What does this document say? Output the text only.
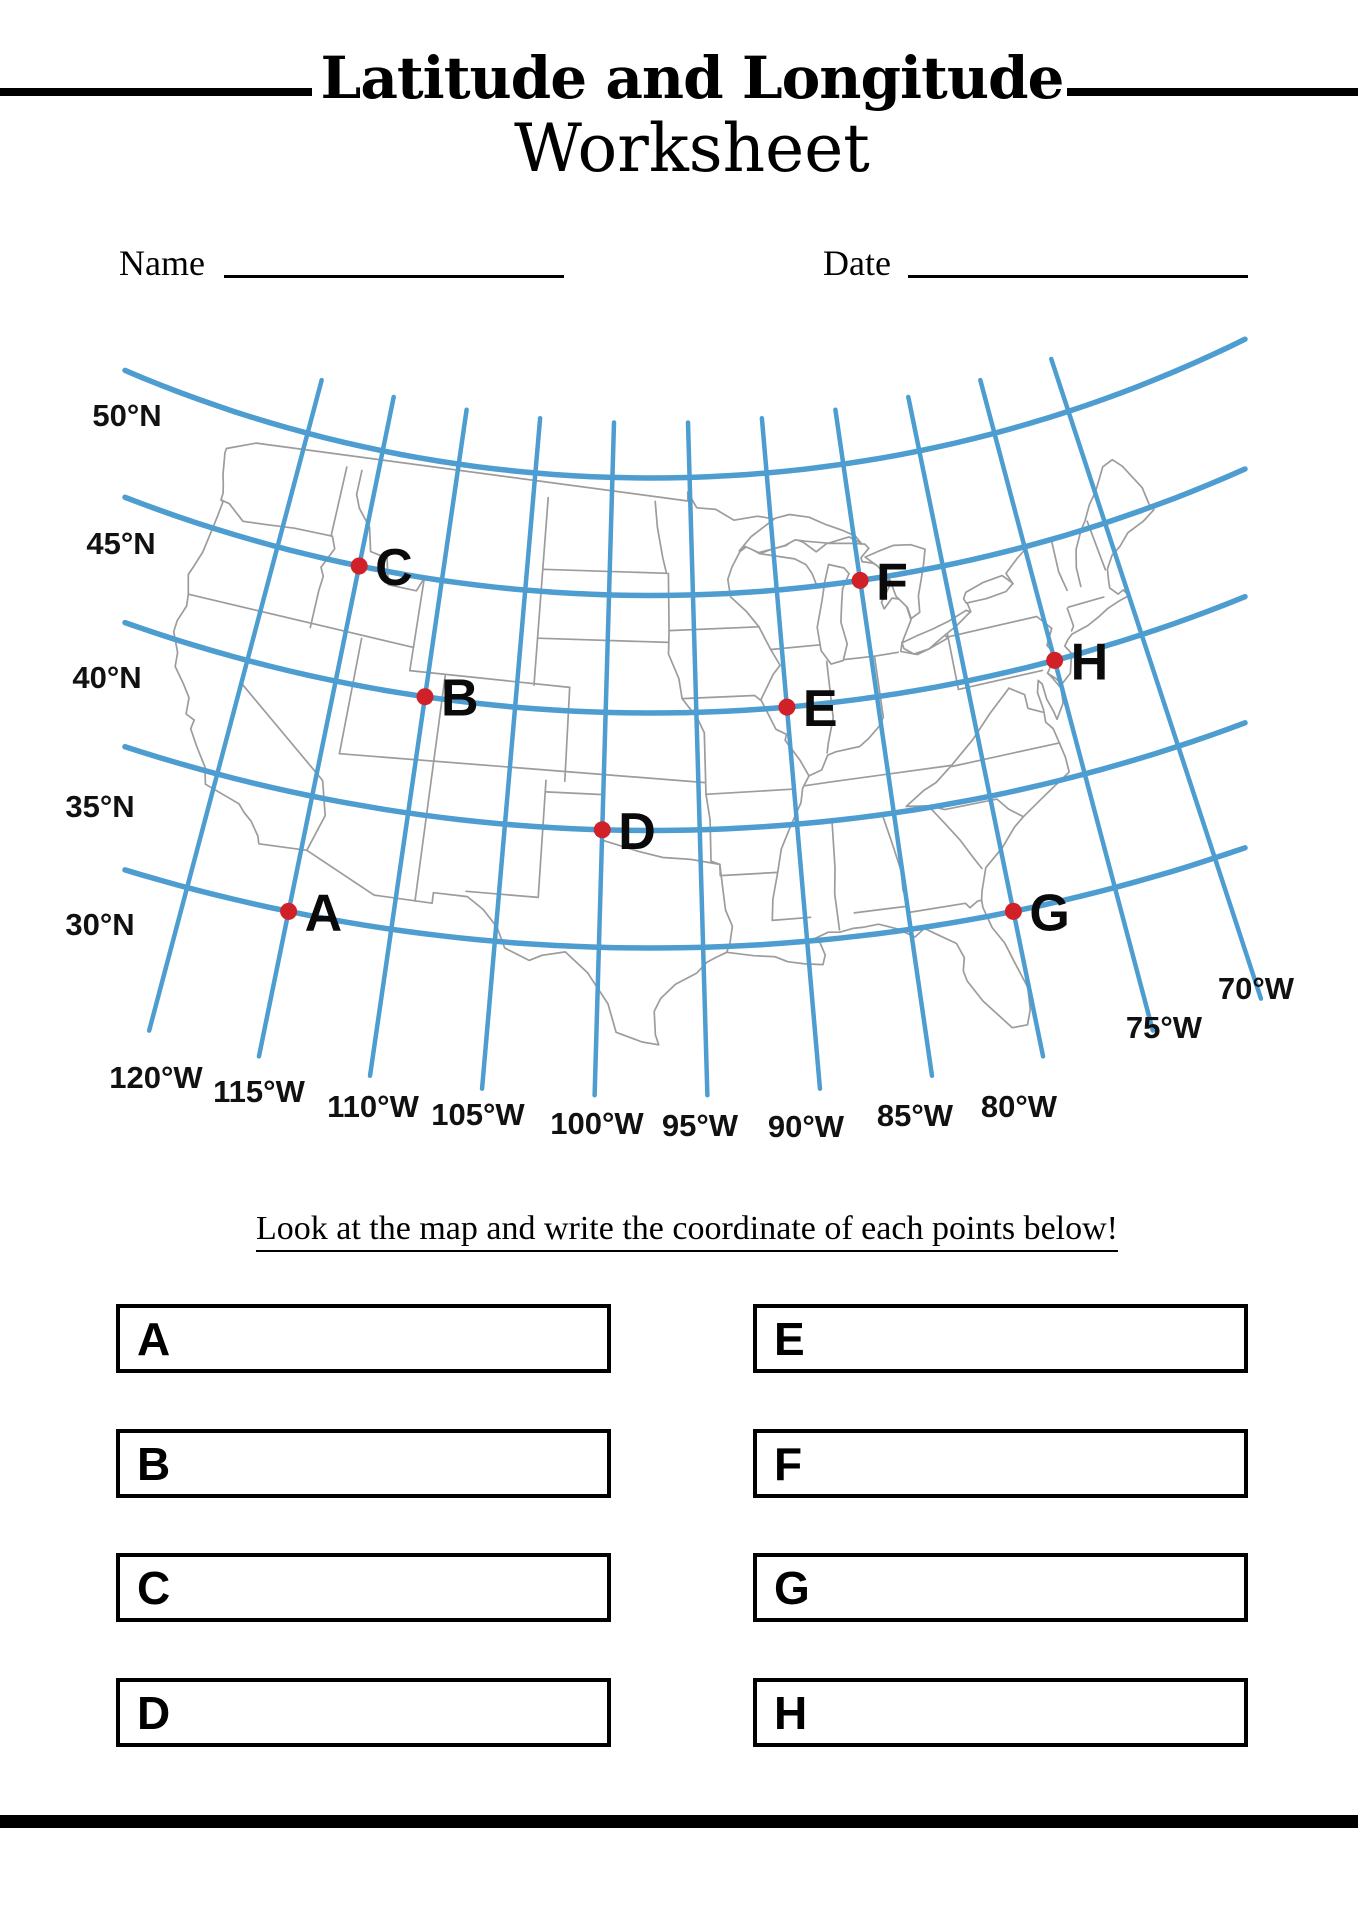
Latitude and Longitude
Worksheet
Name	Date
A
B
C
D
E
F
G
H
30°N
35°N
40°N
45°N
50°N
120°W 115°W 110°W 105°W 100°W 95°W 90°W 85°W 80°W
75°W
70°W
Look at the map and write the coordinate of each points below!
A
B
C
D
E
F
G
H
